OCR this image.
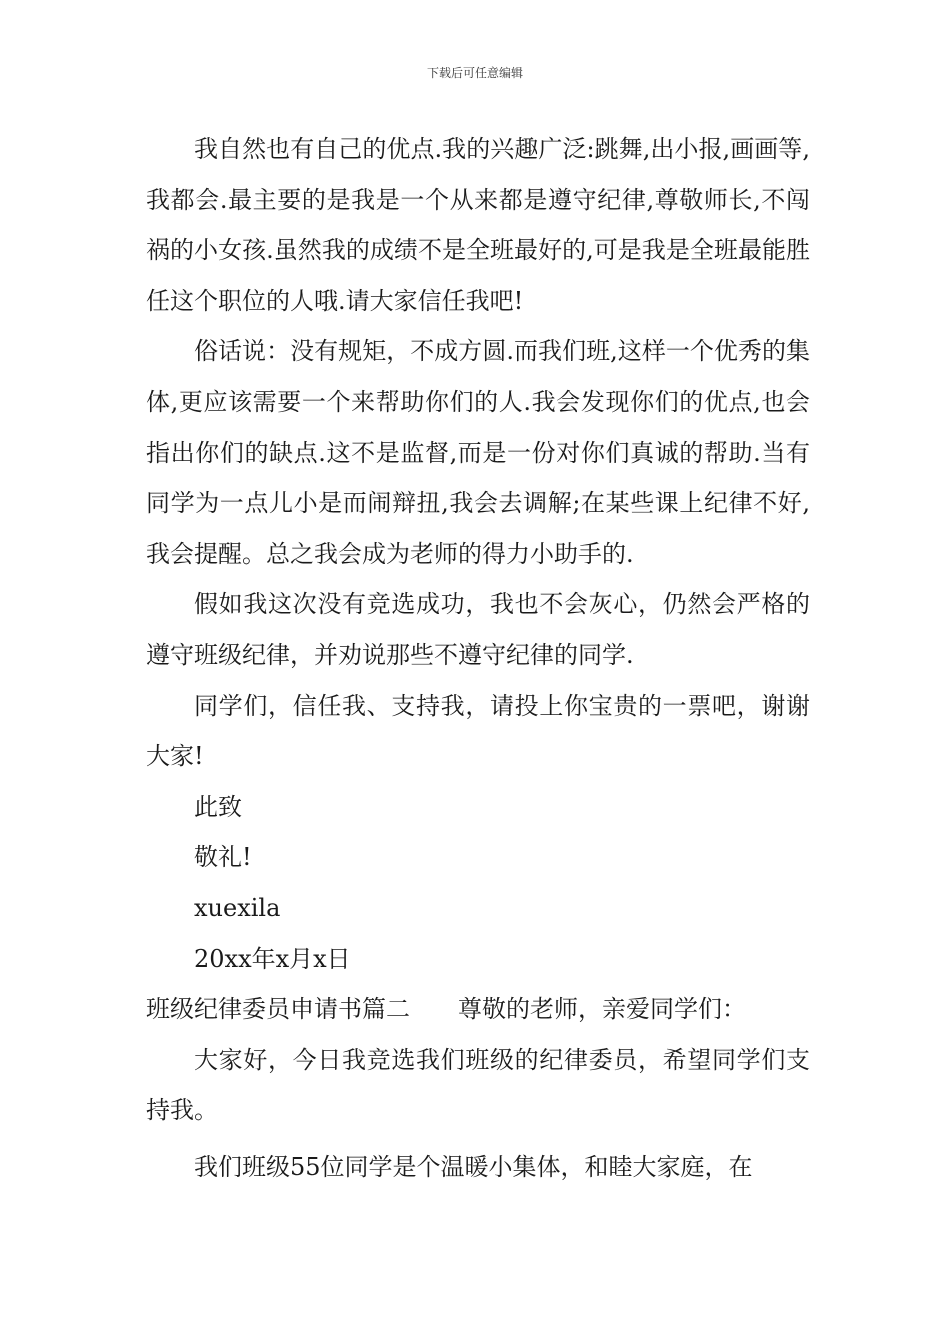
下载后可任意编辑

我自然也有自己的优点.我的兴趣广泛:跳舞,出小报,画画等,我都会.最主要的是我是一个从来都是遵守纪律,尊敬师长,不闯祸的小女孩.虽然我的成绩不是全班最好的,可是我是全班最能胜任这个职位的人哦.请大家信任我吧!

俗话说：没有规矩，不成方圆.而我们班,这样一个优秀的集体,更应该需要一个来帮助你们的人.我会发现你们的优点,也会指出你们的缺点.这不是监督,而是一份对你们真诚的帮助.当有同学为一点儿小是而闹辩扭,我会去调解;在某些课上纪律不好,我会提醒。总之我会成为老师的得力小助手的.

假如我这次没有竞选成功，我也不会灰心，仍然会严格的遵守班级纪律，并劝说那些不遵守纪律的同学.

同学们，信任我、支持我，请投上你宝贵的一票吧，谢谢大家!

此致

敬礼!

xuexila

20xx年x月x日

班级纪律委员申请书篇二 尊敬的老师，亲爱同学们：

大家好，今日我竞选我们班级的纪律委员，希望同学们支持我。

我们班级55位同学是个温暖小集体，和睦大家庭，在
